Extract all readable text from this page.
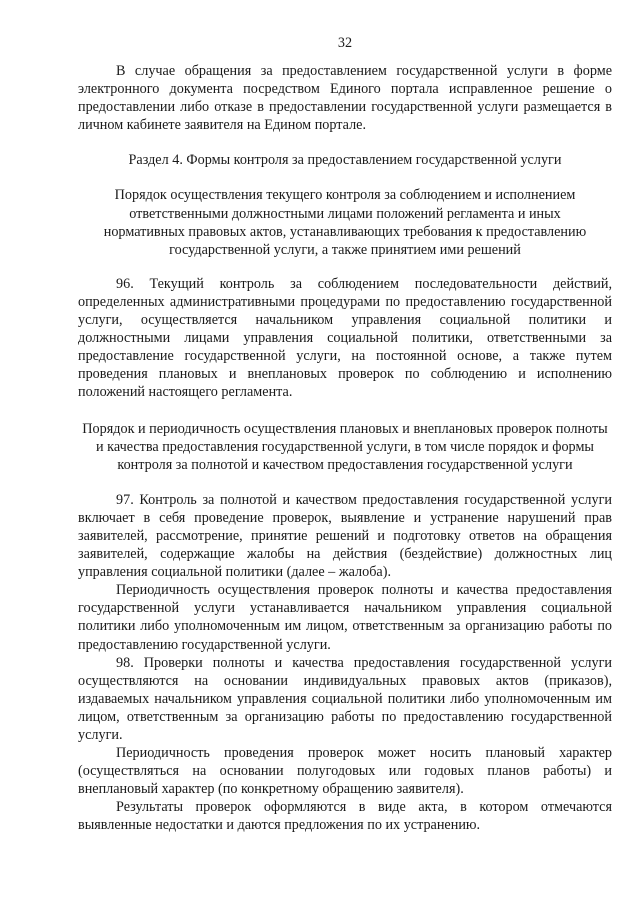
32

В случае обращения за предоставлением государственной услуги в форме электронного документа посредством Единого портала исправленное решение о предоставлении либо отказе в предоставлении государственной услуги размещается в личном кабинете заявителя на Едином портале.

Раздел 4. Формы контроля за предоставлением государственной услуги

Порядок осуществления текущего контроля за соблюдением и исполнением ответственными должностными лицами положений регламента и иных нормативных правовых актов, устанавливающих требования к предоставлению государственной услуги, а также принятием ими решений

96. Текущий контроль за соблюдением последовательности действий, определенных административными процедурами по предоставлению государственной услуги, осуществляется начальником управления социальной политики и должностными лицами управления социальной политики, ответственными за предоставление государственной услуги, на постоянной основе, а также путем проведения плановых и внеплановых проверок по соблюдению и исполнению положений настоящего регламента.

Порядок и периодичность осуществления плановых и внеплановых проверок полноты и качества предоставления государственной услуги, в том числе порядок и формы контроля за полнотой и качеством предоставления государственной услуги

97. Контроль за полнотой и качеством предоставления государственной услуги включает в себя проведение проверок, выявление и устранение нарушений прав заявителей, рассмотрение, принятие решений и подготовку ответов на обращения заявителей, содержащие жалобы на действия (бездействие) должностных лиц управления социальной политики (далее – жалоба).

Периодичность осуществления проверок полноты и качества предоставления государственной услуги устанавливается начальником управления социальной политики либо уполномоченным им лицом, ответственным за организацию работы по предоставлению государственной услуги.

98. Проверки полноты и качества предоставления государственной услуги осуществляются на основании индивидуальных правовых актов (приказов), издаваемых начальником управления социальной политики либо уполномоченным им лицом, ответственным за организацию работы по предоставлению государственной услуги.

Периодичность проведения проверок может носить плановый характер (осуществляться на основании полугодовых или годовых планов работы) и внеплановый характер (по конкретному обращению заявителя).

Результаты проверок оформляются в виде акта, в котором отмечаются выявленные недостатки и даются предложения по их устранению.
